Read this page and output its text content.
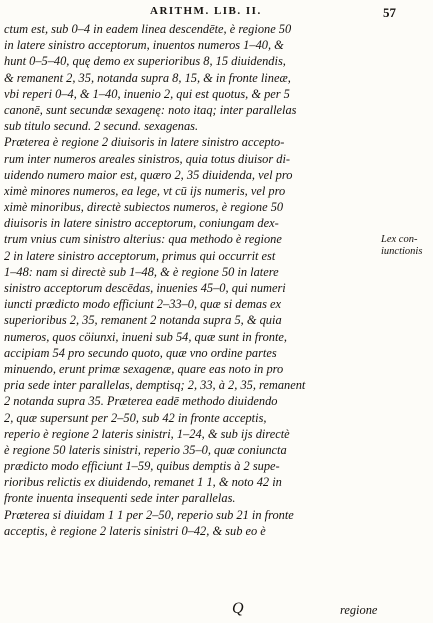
ARITHM. LIB. II.	57
ctum est, sub 0–4 in eadem linea descendēte, è regione 50
in latere sinistro acceptorum, inuentos numeros 1–40, &
hunt 0–5–40, quę demo ex superioribus 8, 15 diuidendis,
& remanent 2, 35, notanda supra 8, 15, & in fronte lineæ,
vbi reperi 0–4, & 1–40, inuenio 2, qui est quotus, & per 5
canonē, sunt secundæ sexagenę: noto itaq; inter parallelas
sub titulo secund. 2 secund. sexagenas.
Præterea è regione 2 diuisoris in latere sinistro accepto-
rum inter numeros areales sinistros, quia totus diuisor di-
uidendo numero maior est, quæro 2, 35 diuidenda, vel pro
ximè minores numeros, ea lege, vt cū ijs numeris, vel pro
ximè minoribus, directè subiectos numeros, è regione 50
diuisoris in latere sinistro acceptorum, coniungam dex-
trum vnius cum sinistro alterius: qua methodo è regione
2 in latere sinistro acceptorum, primus qui occurrit est
1–48: nam si directè sub 1–48, & è regione 50 in latere
sinistro acceptorum descēdas, inuenies 45–0, qui numeri
iuncti prædicto modo efficiunt 2–33–0, quæ si demas ex
superioribus 2, 35, remanent 2 notanda supra 5, & quia
numeros, quos cöiunxi, inueni sub 54, quæ sunt in fronte,
accipiam 54 pro secundo quoto, quæ vno ordine partes
minuendo, erunt primæ sexagenæ, quare eas noto in pro
pria sede inter parallelas, demptisq; 2, 33, à 2, 35, remanent
2 notanda supra 35. Præterea eadē methodo diuidendo
2, quæ supersunt per 2–50, sub 42 in fronte acceptis,
reperio è regione 2 lateris sinistri, 1–24, & sub ijs directè
è regione 50 lateris sinistri, reperio 35–0, quæ coniuncta
prædicto modo efficiunt 1–59, quibus demptis à 2 supe-
rioribus relictis ex diuidendo, remanet 1 1, & noto 42 in
fronte inuenta insequenti sede inter parallelas.
Præterea si diuidam 1 1 per 2–50, reperio sub 21 in fronte
acceptis, è regione 2 lateris sinistri 0–42, & sub eo è
Lex con-
iunctionis
Q	regione
